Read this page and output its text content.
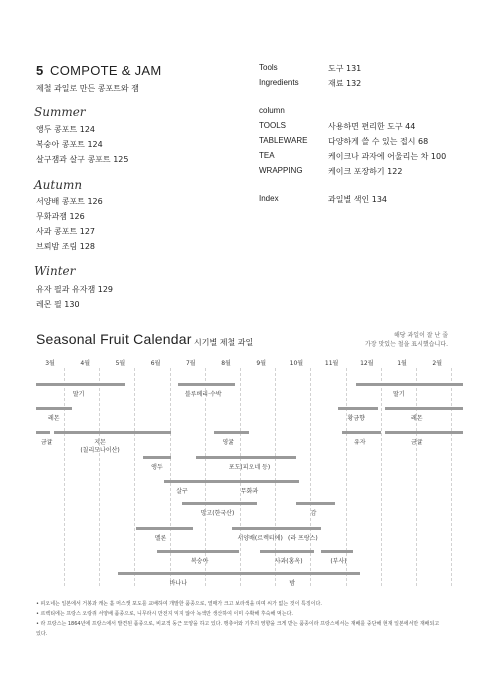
5 COMPOTE & JAM
제철 과일로 만든 콩포트와 잼
Summer
앵두 콩포트 124
복숭아 콩포트 124
살구잼과 살구 콩포트 125
Autumn
서양배 콩포트 126
무화과잼 126
사과 콩포트 127
브뢰밤 조림 128
Winter
유자 필과 유자잼 129
레몬 필 130
Tools	도구 131
Ingredients	재료 132
column
TOOLS	사용하면 편리한 도구 44
TABLEWARE	다양하게 쓸 수 있는 접시 68
TEA	케이크나 과자에 어울리는 차 100
WRAPPING	케이크 포장하기 122
Index	과일별 색인 134
Seasonal Fruit Calendar 시기별 제철 과일
해당 과일이 잘 난 줄
가장 맛있는 철을 표시했습니다.
3월	4월	5월	6월	7월	8월	9월	10월	11월	12월	1월	2월
딸기	블루베리·수박	딸기
레몬	황금향	레몬
금귤	지몬
(칠리모나이산)
영귤	유자	금귤
앵두	포도(피오네 등)
살구	무화과
망고(한국산)	감
멜론	서양배(르렉티에) (라 프랑스)
복숭아	사과(홍옥)	(부사)
바나나	밤
• 피오네는 일본에서 거봉과 캐논 홀 머스캣 포도를 교배하여 개발한 품종으로, 열매가 크고 보라색을 띠며 씨가 없는 것이 특징이다.
• 르렉티에는 프랑스 오랑쥐 서양배 품종으로, 니무라시 만전지 익지 않아 녹색만 생산하여 이미 수확해 후숙해 먹는다.
• 라 프랑스는 1864년에 프랑스에서 발견된 품종으로, 비교적 동근 모양을 하고 있다. 맹츄어와 기후의 영향을 크게 받는 품종이라 프랑스에서는 재배를 중단해 현재 일본에서만 재배되고
있다.
